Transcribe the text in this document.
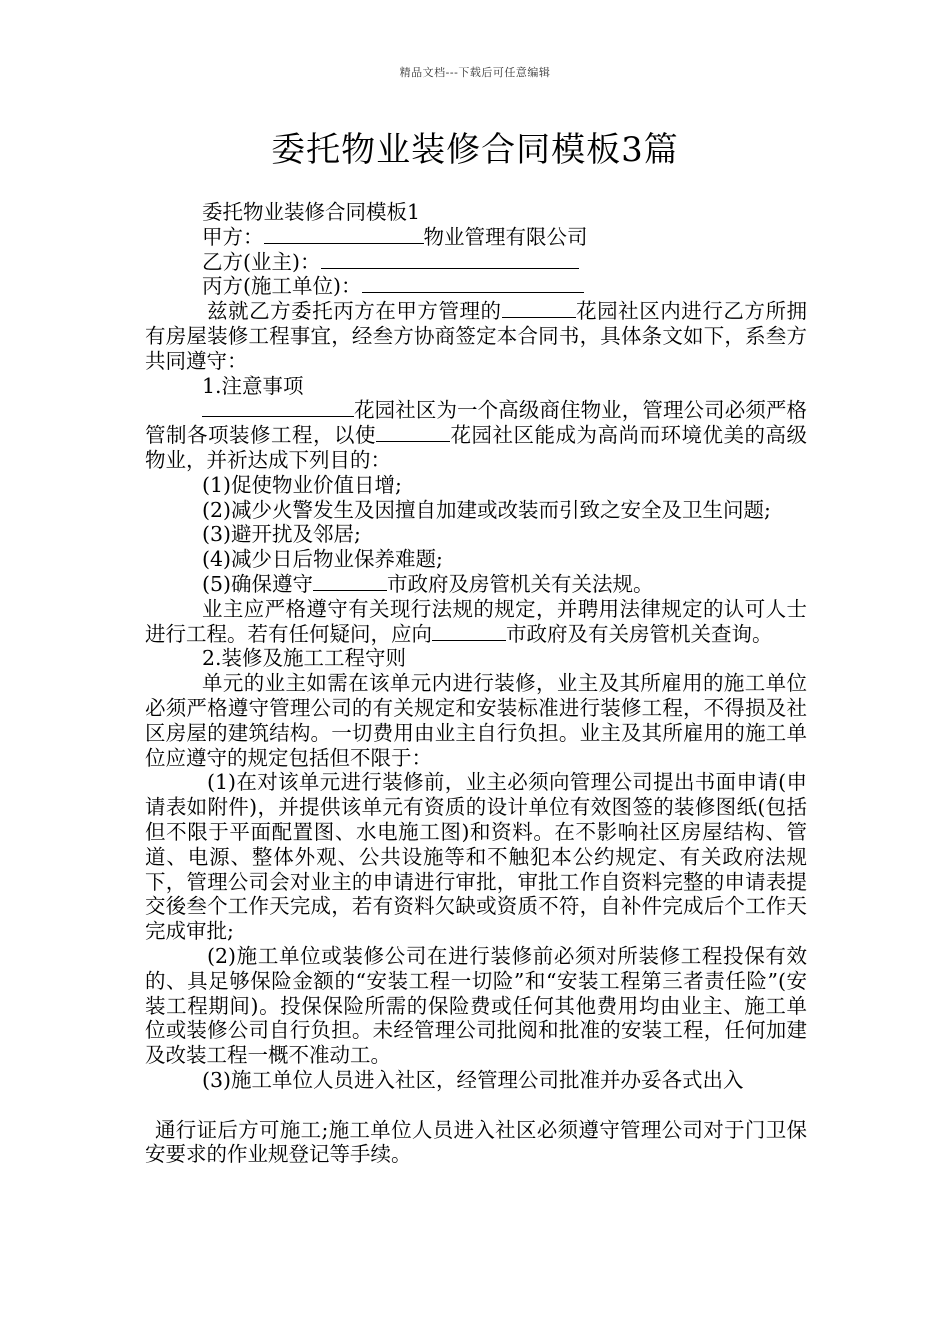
精品文档---下载后可任意编辑
委托物业装修合同模板3篇

委托物业装修合同模板1

甲方：	物业管理有限公司

乙方(业主)：

丙方(施工单位)：

兹就乙方委托丙方在甲方管理的	花园社区内进行乙方所拥有房屋装修工程事宜，经叁方协商签定本合同书，具体条文如下，系叁方共同遵守：

1.注意事项

花园社区为一个高级商住物业，管理公司必须严格管制各项装修工程，以使	花园社区能成为高尚而环境优美的高级物业，并祈达成下列目的：

(1)促使物业价值日增;

(2)减少火警发生及因擅自加建或改装而引致之安全及卫生问题;

(3)避开扰及邻居;

(4)减少日后物业保养难题;

(5)确保遵守	市政府及房管机关有关法规。

业主应严格遵守有关现行法规的规定，并聘用法律规定的认可人士进行工程。若有任何疑问，应向	市政府及有关房管机关查询。

2.装修及施工工程守则

单元的业主如需在该单元内进行装修，业主及其所雇用的施工单位必须严格遵守管理公司的有关规定和安装标准进行装修工程，不得损及社区房屋的建筑结构。一切费用由业主自行负担。业主及其所雇用的施工单位应遵守的规定包括但不限于：

(1)在对该单元进行装修前，业主必须向管理公司提出书面申请(申请表如附件)，并提供该单元有资质的设计单位有效图签的装修图纸(包括但不限于平面配置图、水电施工图)和资料。在不影响社区房屋结构、管道、电源、整体外观、公共设施等和不触犯本公约规定、有关政府法规下，管理公司会对业主的申请进行审批，审批工作自资料完整的申请表提交後叁个工作天完成，若有资料欠缺或资质不符，自补件完成后个工作天完成审批;

(2)施工单位或装修公司在进行装修前必须对所装修工程投保有效的、具足够保险金额的“安装工程一切险”和“安装工程第三者责任险”(安装工程期间)。投保保险所需的保险费或任何其他费用均由业主、施工单位或装修公司自行负担。未经管理公司批阅和批准的安装工程，任何加建及改装工程一概不准动工。

(3)施工单位人员进入社区，经管理公司批准并办妥各式出入

通行证后方可施工;施工单位人员进入社区必须遵守管理公司对于门卫保安要求的作业规登记等手续。
